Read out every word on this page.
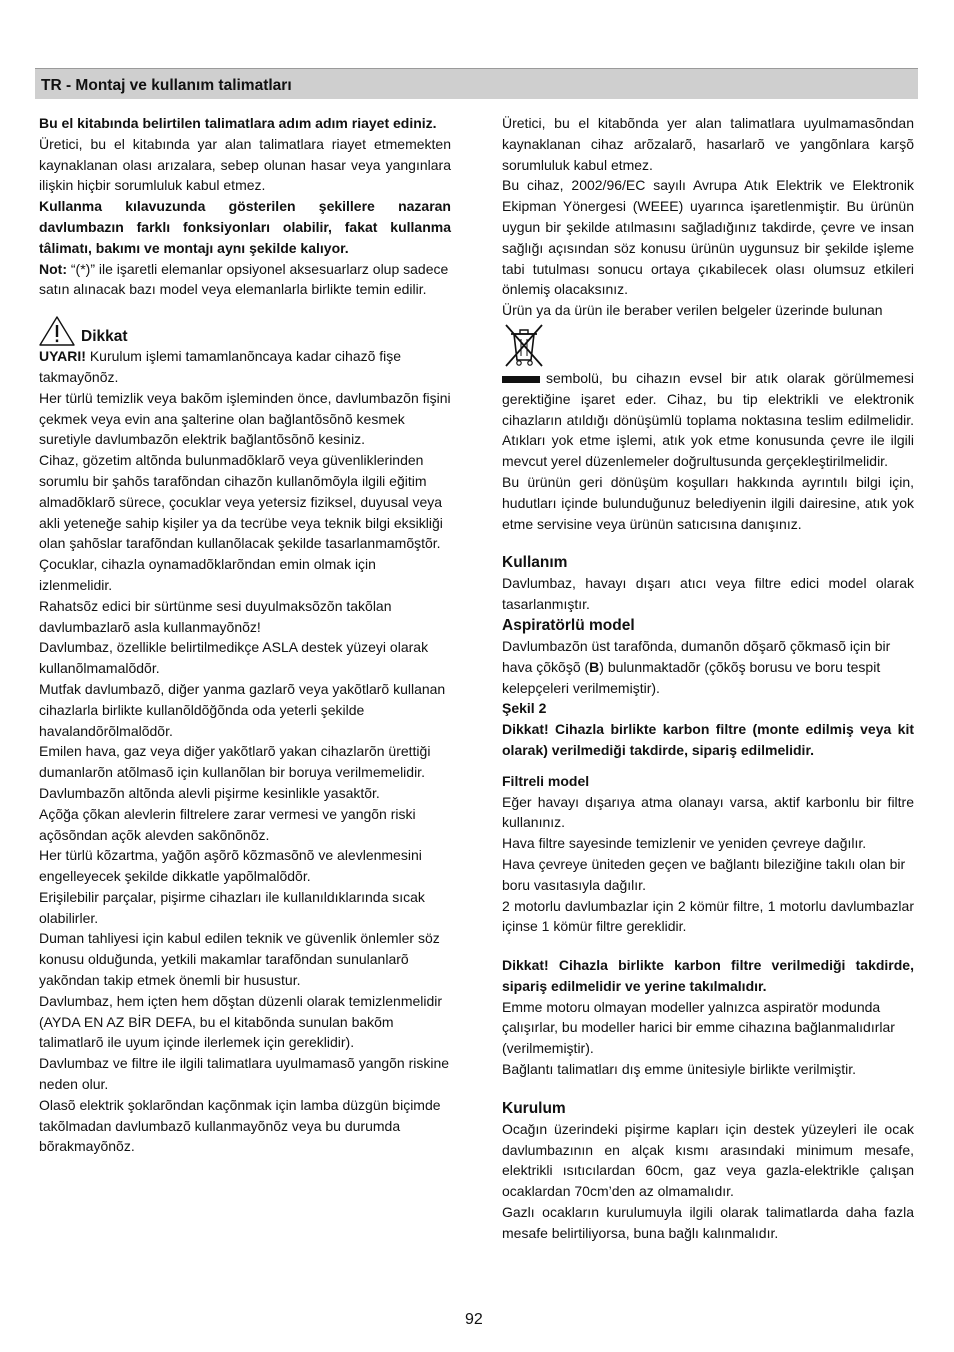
TR - Montaj ve kullanım talimatları

Bu el kitabında belirtilen talimatlara adım adım riayet ediniz.

Üretici, bu el kitabında yar alan talimatlara riayet etmemekten kaynaklanan olası arızalara, sebep olunan hasar veya yangınlara ilişkin hiçbir sorumluluk kabul etmez.

Kullanma kılavuzunda gösterilen şekillere nazaran davlumbazın farklı fonksiyonları olabilir, fakat kullanma tâlimatı, bakımı ve montajı aynı şekilde kalıyor.

Not: “(*)” ile işaretli elemanlar opsiyonel aksesuarlarz olup sadece satın alınacak bazı model veya elemanlarla birlikte temin edilir.

Dikkat

UYARI! Kurulum işlemi tamamlanõncaya kadar cihazõ fişe takmayõnõz.

Her türlü temizlik veya bakõm işleminden önce, davlumbazõn fişini çekmek veya evin ana şalterine olan bağlantõsõnõ kesmek

suretiyle davlumbazõn elektrik bağlantõsõnõ kesiniz.

Cihaz, gözetim altõnda bulunmadõklarõ veya güvenliklerinden sorumlu bir şahõs tarafõndan cihazõn kullanõmõyla ilgili eğitim almadõklarõ sürece, çocuklar veya yetersiz fiziksel, duyusal veya akli yeteneğe sahip kişiler ya da tecrübe veya teknik bilgi eksikliği olan şahõslar tarafõndan kullanõlacak şekilde tasarlanmamõştõr.

Çocuklar, cihazla oynamadõklarõndan emin olmak için izlenmelidir.

Rahatsõz edici bir sürtünme sesi duyulmaksõzõn takõlan davlumbazlarõ asla kullanmayõnõz!

Davlumbaz, özellikle belirtilmedikçe ASLA destek yüzeyi olarak kullanõlmamalõdõr.

Mutfak davlumbazõ, diğer yanma gazlarõ veya yakõtlarõ kullanan cihazlarla birlikte kullanõldõğõnda oda yeterli şekilde havalandõrõlmalõdõr.

Emilen hava, gaz veya diğer yakõtlarõ yakan cihazlarõn ürettiği dumanlarõn atõlmasõ için kullanõlan bir boruya verilmemelidir.

Davlumbazõn altõnda alevli pişirme kesinlikle yasaktõr.

Açõğa çõkan alevlerin filtrelere zarar vermesi ve yangõn riski açõsõndan açõk alevden sakõnõnõz.

Her türlü kõzartma, yağõn aşõrõ kõzmasõnõ ve alevlenmesini engelleyecek şekilde dikkatle yapõlmalõdõr.

Erişilebilir parçalar, pişirme cihazları ile kullanıldıklarında sıcak olabilirler.

Duman tahliyesi için kabul edilen teknik ve güvenlik önlemler söz konusu olduğunda, yetkili makamlar tarafõndan sunulanlarõ yakõndan takip etmek önemli bir husustur.

Davlumbaz, hem içten hem dõştan düzenli olarak temizlenmelidir (AYDA EN AZ BİR DEFA, bu el kitabõnda sunulan bakõm talimatlarõ ile uyum içinde ilerlemek için gereklidir).

Davlumbaz ve filtre ile ilgili talimatlara uyulmamasõ yangõn riskine neden olur.

Olasõ elektrik şoklarõndan kaçõnmak için lamba düzgün biçimde takõlmadan davlumbazõ kullanmayõnõz veya bu durumda bõrakmayõnõz.

Üretici, bu el kitabõnda yer alan talimatlara uyulmamasõndan kaynaklanan cihaz arõzalarõ, hasarlarõ ve yangõnlara karşõ sorumluluk kabul etmez.

Bu cihaz, 2002/96/EC sayılı Avrupa Atık Elektrik ve Elektronik Ekipman Yönergesi (WEEE) uyarınca işaretlenmiştir. Bu ürünün uygun bir şekilde atılmasını sağladığınız takdirde, çevre ve insan sağlığı açısından söz konusu ürünün uygunsuz bir şekilde işleme tabi tutulması sonucu ortaya çıkabilecek olası olumsuz etkileri önlemiş olacaksınız.

Ürün ya da ürün ile beraber verilen belgeler üzerinde bulunan

sembolü, bu cihazın evsel bir atık olarak görülmemesi gerektiğine işaret eder. Cihaz, bu tip elektrikli ve elektronik cihazların atıldığı dönüşümlü toplama noktasına teslim edilmelidir. Atıkları yok etme işlemi, atık yok etme konusunda çevre ile ilgili mevcut yerel düzenlemeler doğrultusunda gerçekleştirilmelidir.

Bu ürünün geri dönüşüm koşulları hakkında ayrıntılı bilgi için, hudutları içinde bulunduğunuz belediyenin ilgili dairesine, atık yok etme servisine veya ürünün satıcısına danışınız.

Kullanım

Davlumbaz, havayı dışarı atıcı veya filtre edici model olarak tasarlanmıştır.

Aspiratörlü model

Davlumbazõn üst tarafõnda, dumanõn dõşarõ çõkmasõ için bir hava çõkõşõ (B) bulunmaktadõr (çõkõş borusu ve boru tespit kelepçeleri verilmemiştir).

Şekil 2

Dikkat! Cihazla birlikte karbon filtre (monte edilmiş veya kit olarak) verilmediği takdirde, sipariş edilmelidir.

Filtreli model

Eğer havayı dışarıya atma olanayı varsa, aktif karbonlu bir filtre kullanınız.

Hava filtre sayesinde temizlenir ve yeniden çevreye dağılır.

Hava çevreye üniteden geçen ve bağlantı bileziğine takılı olan bir boru vasıtasıyla dağılır.

2 motorlu davlumbazlar için 2 kömür filtre, 1 motorlu davlumbazlar içinse 1 kömür filtre gereklidir.

Dikkat! Cihazla birlikte karbon filtre verilmediği takdirde, sipariş edilmelidir ve yerine takılmalıdır.

Emme motoru olmayan modeller yalnızca aspiratör modunda çalışırlar, bu modeller harici bir emme cihazına bağlanmalıdırlar (verilmemiştir).

Bağlantı talimatları dış emme ünitesiyle birlikte verilmiştir.

Kurulum

Ocağın üzerindeki pişirme kapları için destek yüzeyleri ile ocak davlumbazının en alçak kısmı arasındaki minimum mesafe, elektrikli ısıtıcılardan 60cm, gaz veya gazla-elektrikle çalışan ocaklardan 70cm’den az olmamalıdır.

Gazlı ocakların kurulumuyla ilgili olarak talimatlarda daha fazla mesafe belirtiliyorsa, buna bağlı kalınmalıdır.

92
